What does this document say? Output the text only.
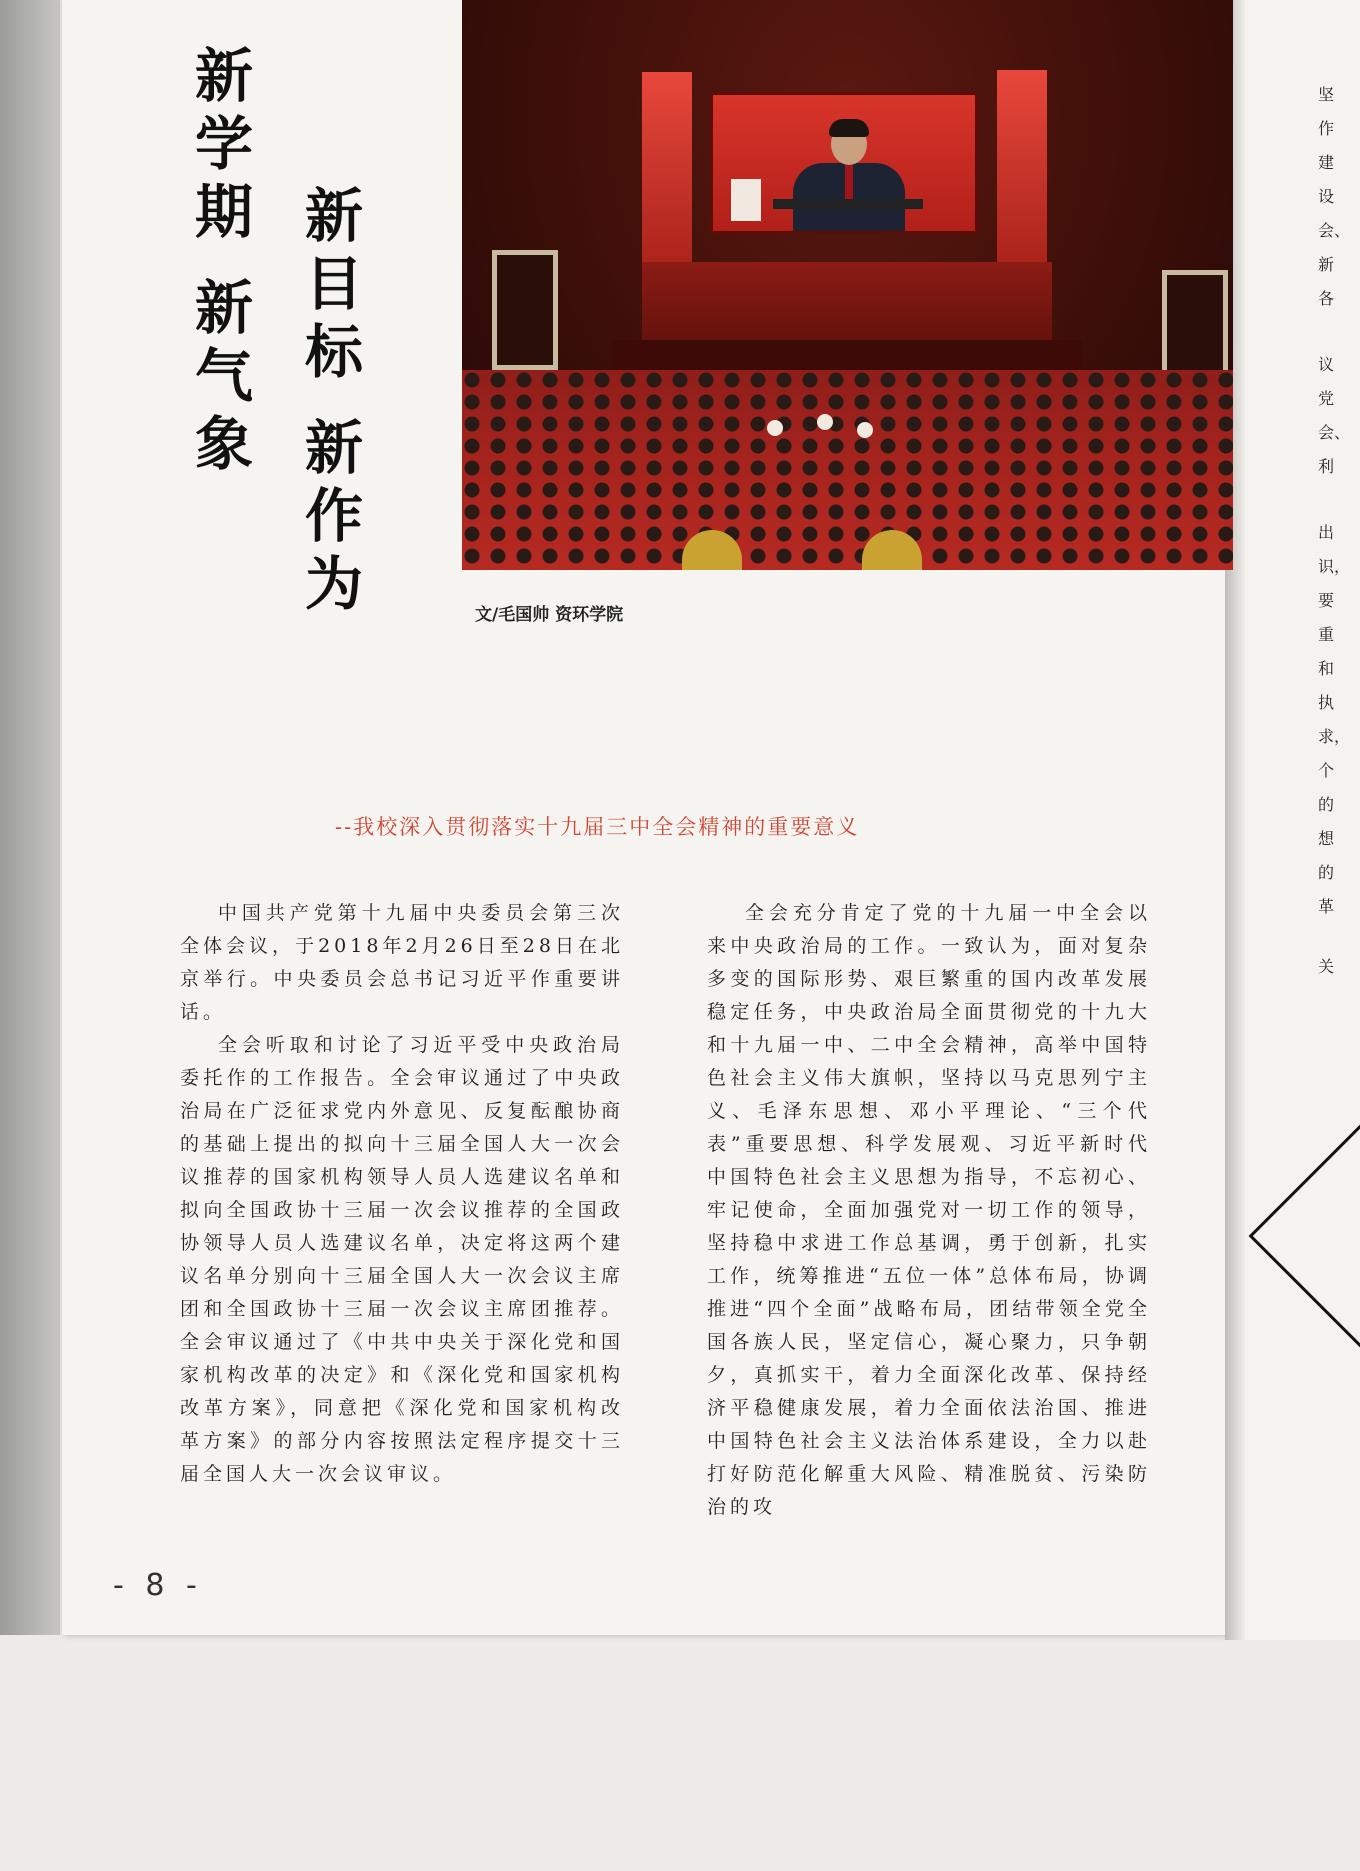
坚
作
建
设
会、
新
各
议
党
会、
利
出
识，
要
重
和
执
求，
个
的
想
的
革
关
新学期新气象
新目标新作为	文/毛国帅 资环学院
--我校深入贯彻落实十九届三中全会精神的重要意义

中国共产党第十九届中央委员会第三次全体会议，于2018年2月26日至28日在北京举行。中央委员会总书记习近平作重要讲话。

全会听取和讨论了习近平受中央政治局委托作的工作报告。全会审议通过了中央政治局在广泛征求党内外意见、反复酝酿协商的基础上提出的拟向十三届全国人大一次会议推荐的国家机构领导人员人选建议名单和拟向全国政协十三届一次会议推荐的全国政协领导人员人选建议名单，决定将这两个建议名单分别向十三届全国人大一次会议主席团和全国政协十三届一次会议主席团推荐。全会审议通过了《中共中央关于深化党和国家机构改革的决定》和《深化党和国家机构改革方案》，同意把《深化党和国家机构改革方案》的部分内容按照法定程序提交十三届全国人大一次会议审议。

全会充分肯定了党的十九届一中全会以来中央政治局的工作。一致认为，面对复杂多变的国际形势、艰巨繁重的国内改革发展稳定任务，中央政治局全面贯彻党的十九大和十九届一中、二中全会精神，高举中国特色社会主义伟大旗帜，坚持以马克思列宁主义、毛泽东思想、邓小平理论、“三个代表”重要思想、科学发展观、习近平新时代中国特色社会主义思想为指导，不忘初心、牢记使命，全面加强党对一切工作的领导，坚持稳中求进工作总基调，勇于创新，扎实工作，统筹推进“五位一体”总体布局，协调推进“四个全面”战略布局，团结带领全党全国各族人民，坚定信心，凝心聚力，只争朝夕，真抓实干，着力全面深化改革、保持经济平稳健康发展，着力全面依法治国、推进中国特色社会主义法治体系建设，全力以赴打好防范化解重大风险、精准脱贫、污染防治的攻

- 8 -
